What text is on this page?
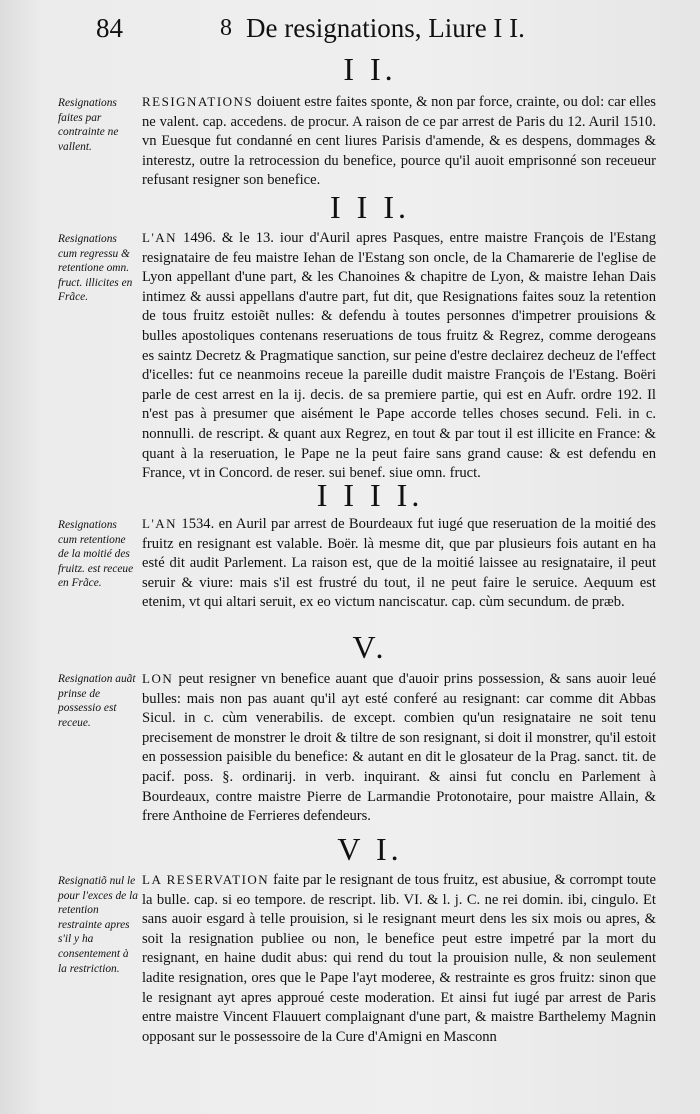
84	8 De resignations, Liure I I.
I I.
Resignations faites par contrainte ne vallent.
RESIGNATIONS doiuent estre faites sponte, & non par force, crainte, ou dol: car elles ne valent. cap. accedens. de procur. A raison de ce par arrest de Paris du 12. Auril 1510. vn Euesque fut condanné en cent liures Parisis d'amende, & es despens, dommages & interestz, outre la retrocession du benefice, pource qu'il auoit emprisonné son receueur refusant resigner son benefice.
I I I.
Resignations cum regressu & retentione omn. fruct. illicites en Frãce.
L'AN 1496. & le 13. iour d'Auril apres Pasques, entre maistre François de l'Estang resignataire de feu maistre Iehan de l'Estang son oncle, de la Chamarerie de l'eglise de Lyon appellant d'une part, & les Chanoines & chapitre de Lyon, & maistre Iehan Dais intimez & aussi appellans d'autre part, fut dit, que Resignations faites souz la retention de tous fruitz estoiẽt nulles: & defendu à toutes personnes d'impetrer prouisions & bulles apostoliques contenans reseruations de tous fruitz & Regrez, comme derogeans es saintz Decretz & Pragmatique sanction, sur peine d'estre declairez decheuz de l'effect d'icelles: fut ce neanmoins receue la pareille dudit maistre François de l'Estang. Boëri parle de cest arrest en la ij. decis. de sa premiere partie, qui est en Aufr. ordre 192. Il n'est pas à presumer que aisément le Pape accorde telles choses secund. Feli. in c. nonnulli. de rescript. & quant aux Regrez, en tout & par tout il est illicite en France: & quant à la reseruation, le Pape ne la peut faire sans grand cause: & est defendu en France, vt in Concord. de reser. sui benef. siue omn. fruct.
I I I I.
Resignations cum retentione de la moitié des fruitz. est receue en Frãce.
L'AN 1534. en Auril par arrest de Bourdeaux fut iugé que reseruation de la moitié des fruitz en resignant est valable. Boër. là mesme dit, que par plusieurs fois autant en ha esté dit audit Parlement. La raison est, que de la moitié laissee au resignataire, il peut seruir & viure: mais s'il est frustré du tout, il ne peut faire le seruice. Aequum est etenim, vt qui altari seruit, ex eo victum nanciscatur. cap. cùm secundum. de præb.
V.
Resignation auãt prinse de possessio est receue.
LON peut resigner vn benefice auant que d'auoir prins possession, & sans auoir leué bulles: mais non pas auant qu'il ayt esté conferé au resignant: car comme dit Abbas Sicul. in c. cùm venerabilis. de except. combien qu'un resignataire ne soit tenu precisement de monstrer le droit & tiltre de son resignant, si doit il monstrer, qu'il estoit en possession paisible du benefice: & autant en dit le glosateur de la Prag. sanct. tit. de pacif. poss. §. ordinarij. in verb. inquirant. & ainsi fut conclu en Parlement à Bourdeaux, contre maistre Pierre de Larmandie Protonotaire, pour maistre Allain, & frere Anthoine de Ferrieres defendeurs.
V I.
Resignatiõ nul le pour l'exces de la retention restrainte apres s'il y ha consentement à la restriction.
LA RESERVATION faite par le resignant de tous fruitz, est abusiue, & corrompt toute la bulle. cap. si eo tempore. de rescript. lib. VI. & l. j. C. ne rei domin. ibi, cingulo. Et sans auoir esgard à telle prouision, si le resignant meurt dens les six mois ou apres, & soit la resignation publiee ou non, le benefice peut estre impetré par la mort du resignant, en haine dudit abus: qui rend du tout la prouision nulle, & non seulement ladite resignation, ores que le Pape l'ayt moderee, & restrainte es gros fruitz: sinon que le resignant ayt apres approué ceste moderation. Et ainsi fut iugé par arrest de Paris entre maistre Vincent Flauuert complaignant d'une part, & maistre Barthelemy Magnin opposant sur le possessoire de la Cure d'Amigni en Masconn
